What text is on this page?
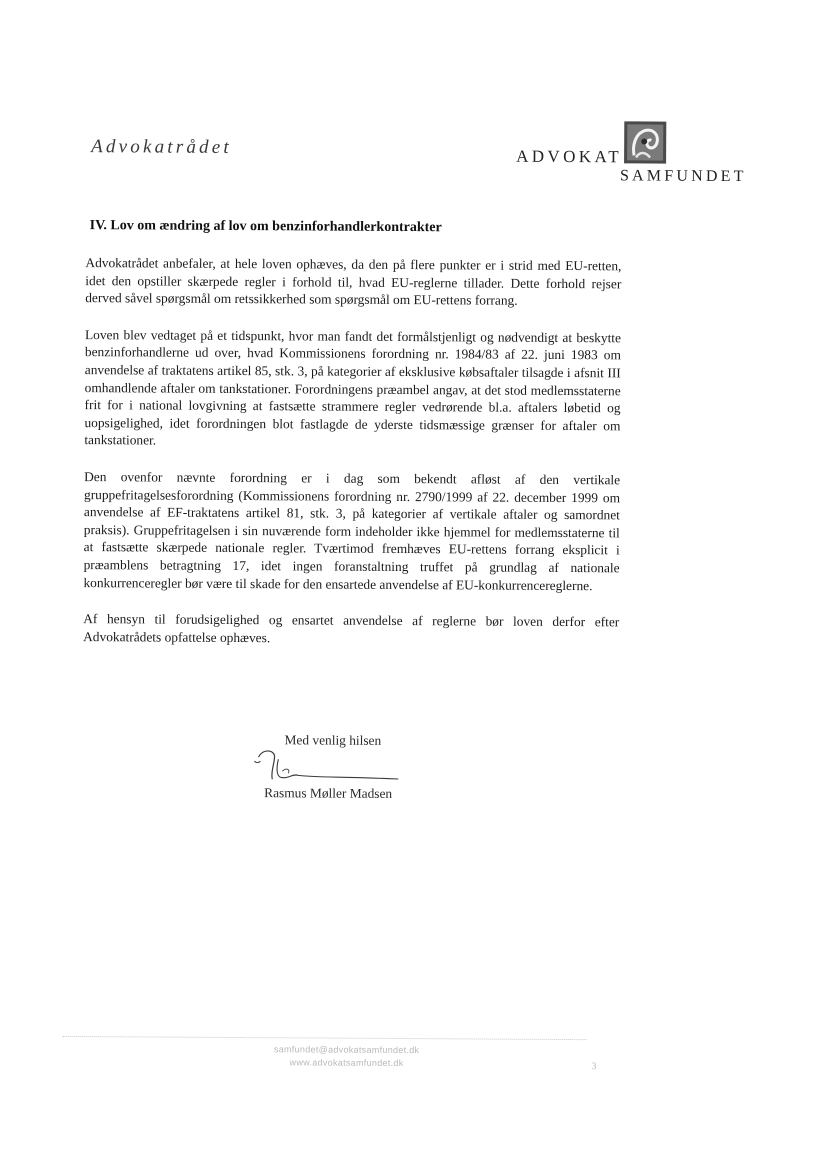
Advokatrådet	ADVOKAT
SAMFUNDET
IV. Lov om ændring af lov om benzinforhandlerkontrakter

Advokatrådet anbefaler, at hele loven ophæves, da den på flere punkter er i strid med EU-retten, idet den opstiller skærpede regler i forhold til, hvad EU-reglerne tillader. Dette forhold rejser derved såvel spørgsmål om retssikkerhed som spørgsmål om EU-rettens forrang.

Loven blev vedtaget på et tidspunkt, hvor man fandt det formålstjenligt og nødvendigt at beskytte benzinforhandlerne ud over, hvad Kommissionens forordning nr. 1984/83 af 22. juni 1983 om anvendelse af traktatens artikel 85, stk. 3, på kategorier af eksklusive købsaftaler tilsagde i afsnit III omhandlende aftaler om tankstationer. Forordningens præambel angav, at det stod medlemsstaterne frit for i national lovgivning at fastsætte strammere regler vedrørende bl.a. aftalers løbetid og uopsigelighed, idet forordningen blot fastlagde de yderste tidsmæssige grænser for aftaler om tankstationer.

Den ovenfor nævnte forordning er i dag som bekendt afløst af den vertikale gruppefritagelsesforordning (Kommissionens forordning nr. 2790/1999 af 22. december 1999 om anvendelse af EF-traktatens artikel 81, stk. 3, på kategorier af vertikale aftaler og samordnet praksis). Gruppefritagelsen i sin nuværende form indeholder ikke hjemmel for medlemsstaterne til at fastsætte skærpede nationale regler. Tværtimod fremhæves EU-rettens forrang eksplicit i præamblens betragtning 17, idet ingen foranstaltning truffet på grundlag af nationale konkurrenceregler bør være til skade for den ensartede anvendelse af EU-konkurrencereglerne.

Af hensyn til forudsigelighed og ensartet anvendelse af reglerne bør loven derfor efter Advokatrådets opfattelse ophæves.

Med venlig hilsen
Rasmus Møller Madsen
samfundet@advokatsamfundet.dk
www.advokatsamfundet.dk	3
